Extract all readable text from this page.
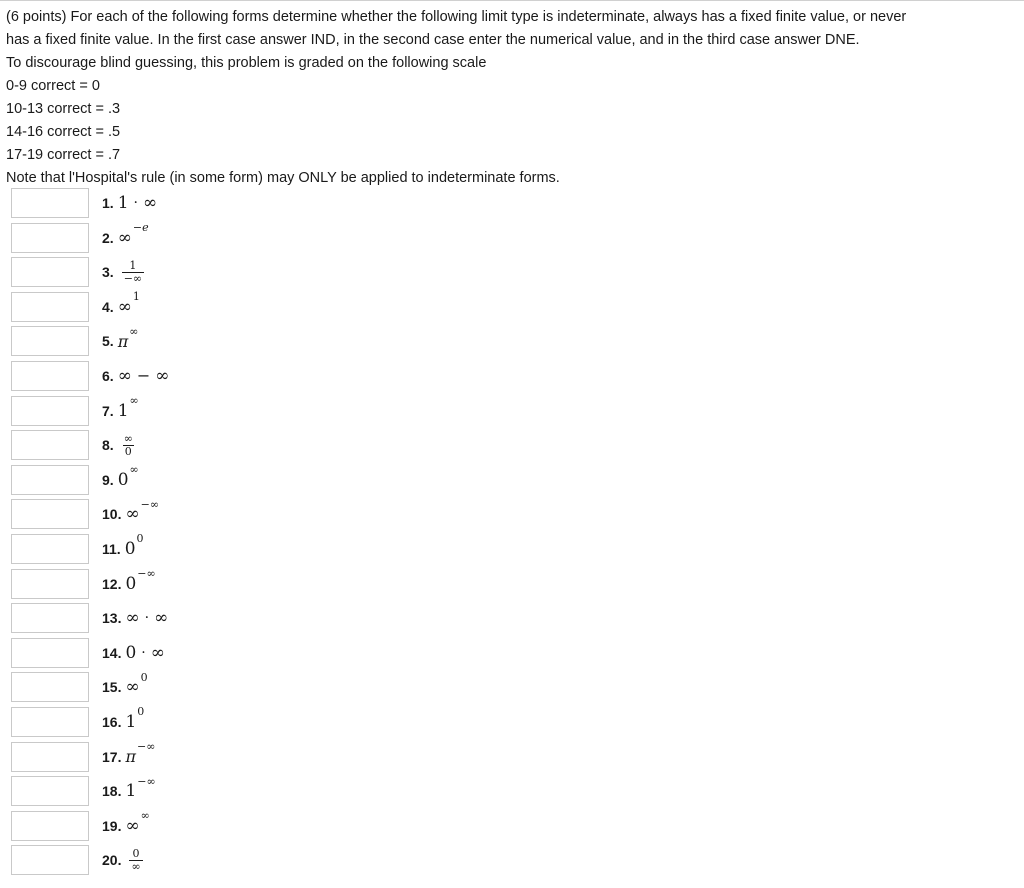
(6 points) For each of the following forms determine whether the following limit type is indeterminate, always has a fixed finite value, or never
has a fixed finite value. In the first case answer IND, in the second case enter the numerical value, and in the third case answer DNE.
To discourage blind guessing, this problem is graded on the following scale
0-9 correct = 0
10-13 correct = .3
14-16 correct = .5
17-19 correct = .7
Note that l'Hospital's rule (in some form) may ONLY be applied to indeterminate forms.
1. 1 · ∞
2. ∞ −e
3. $\frac{1}{-\infty}$
4. ∞ 1
5. π
∞
6. ∞ − ∞
7. 1 ∞
8. $\frac{\infty}{0}$
9. 0 ∞
10. ∞ −∞
11. 0 0
12. 0 −∞
13. ∞ · ∞
14. 0 · ∞
15. ∞ 0
16. 1 0
17. π
−∞
18. 1 −∞
19. ∞ ∞
20. $\frac{0}{\infty}$
